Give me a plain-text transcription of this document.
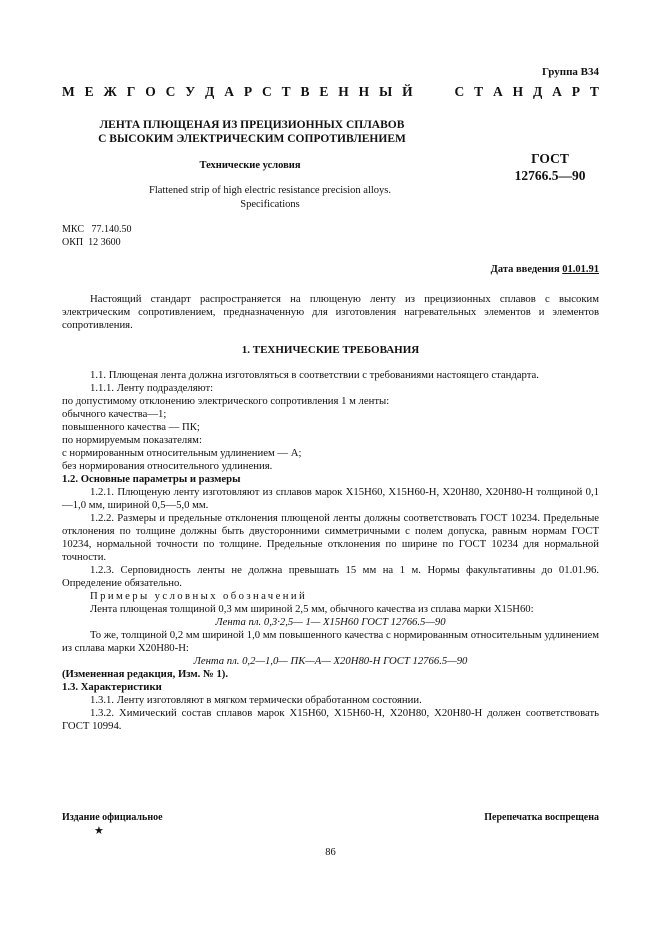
Группа В34
М Е Ж Г О С У Д А Р С Т В Е Н Н Ы Й	С Т А Н Д А Р Т
ЛЕНТА ПЛЮЩЕНАЯ ИЗ ПРЕЦИЗИОННЫХ СПЛАВОВ
С ВЫСОКИМ ЭЛЕКТРИЧЕСКИМ СОПРОТИВЛЕНИЕМ
Технические условия	ГОСТ
12766.5—90
Flattened strip of high electric resistance precision alloys.
Specifications
МКС   77.140.50
ОКП  12 3600
Дата введения 01.01.91

Настоящий стандарт распространяется на плющеную ленту из прецизионных сплавов с высоким электрическим сопротивлением, предназначенную для изготовления нагревательных элементов и элементов сопротивления.

1. ТЕХНИЧЕСКИЕ ТРЕБОВАНИЯ

1.1. Плющеная лента должна изготовляться в соответствии с требованиями настоящего стандарта.

1.1.1. Ленту подразделяют:

по допустимому отклонению электрического сопротивления 1 м ленты:

обычного качества—1;

повышенного качества — ПК;

по нормируемым показателям:

с нормированным относительным удлинением — А;

без нормирования относительного удлинения.

1.2. Основные параметры и размеры

1.2.1. Плющеную ленту изготовляют из сплавов марок Х15Н60, Х15Н60-Н, Х20Н80, Х20Н80-Н толщиной 0,1—1,0 мм, шириной 0,5—5,0 мм.

1.2.2. Размеры и предельные отклонения плющеной ленты должны соответствовать ГОСТ 10234. Предельные отклонения по толщине должны быть двусторонними симметричными с полем допуска, равным нормам ГОСТ 10234, нормальной точности по толщине. Предельные отклонения по ширине по ГОСТ 10234 для нормальной точности.

1.2.3. Серповидность ленты не должна превышать 15 мм на 1 м. Нормы факультативны до 01.01.96. Определение обязательно.

Примеры условных обозначений

Лента плющеная толщиной 0,3 мм шириной 2,5 мм, обычного качества из сплава марки Х15Н60:

Лента пл. 0,3·2,5— 1— Х15Н60 ГОСТ 12766.5—90

То же, толщиной 0,2 мм шириной 1,0 мм повышенного качества с нормированным относительным удлинением из сплава марки Х20Н80-Н:

Лента пл. 0,2—1,0— ПК—А— Х20Н80-Н ГОСТ 12766.5—90

(Измененная редакция, Изм. № 1).

1.3. Характеристики

1.3.1. Ленту изготовляют в мягком термически обработанном состоянии.

1.3.2. Химический состав сплавов марок Х15Н60, Х15Н60-Н, Х20Н80, Х20Н80-Н должен соответствовать ГОСТ 10994.

Издание официальное
★
Перепечатка воспрещена
86
